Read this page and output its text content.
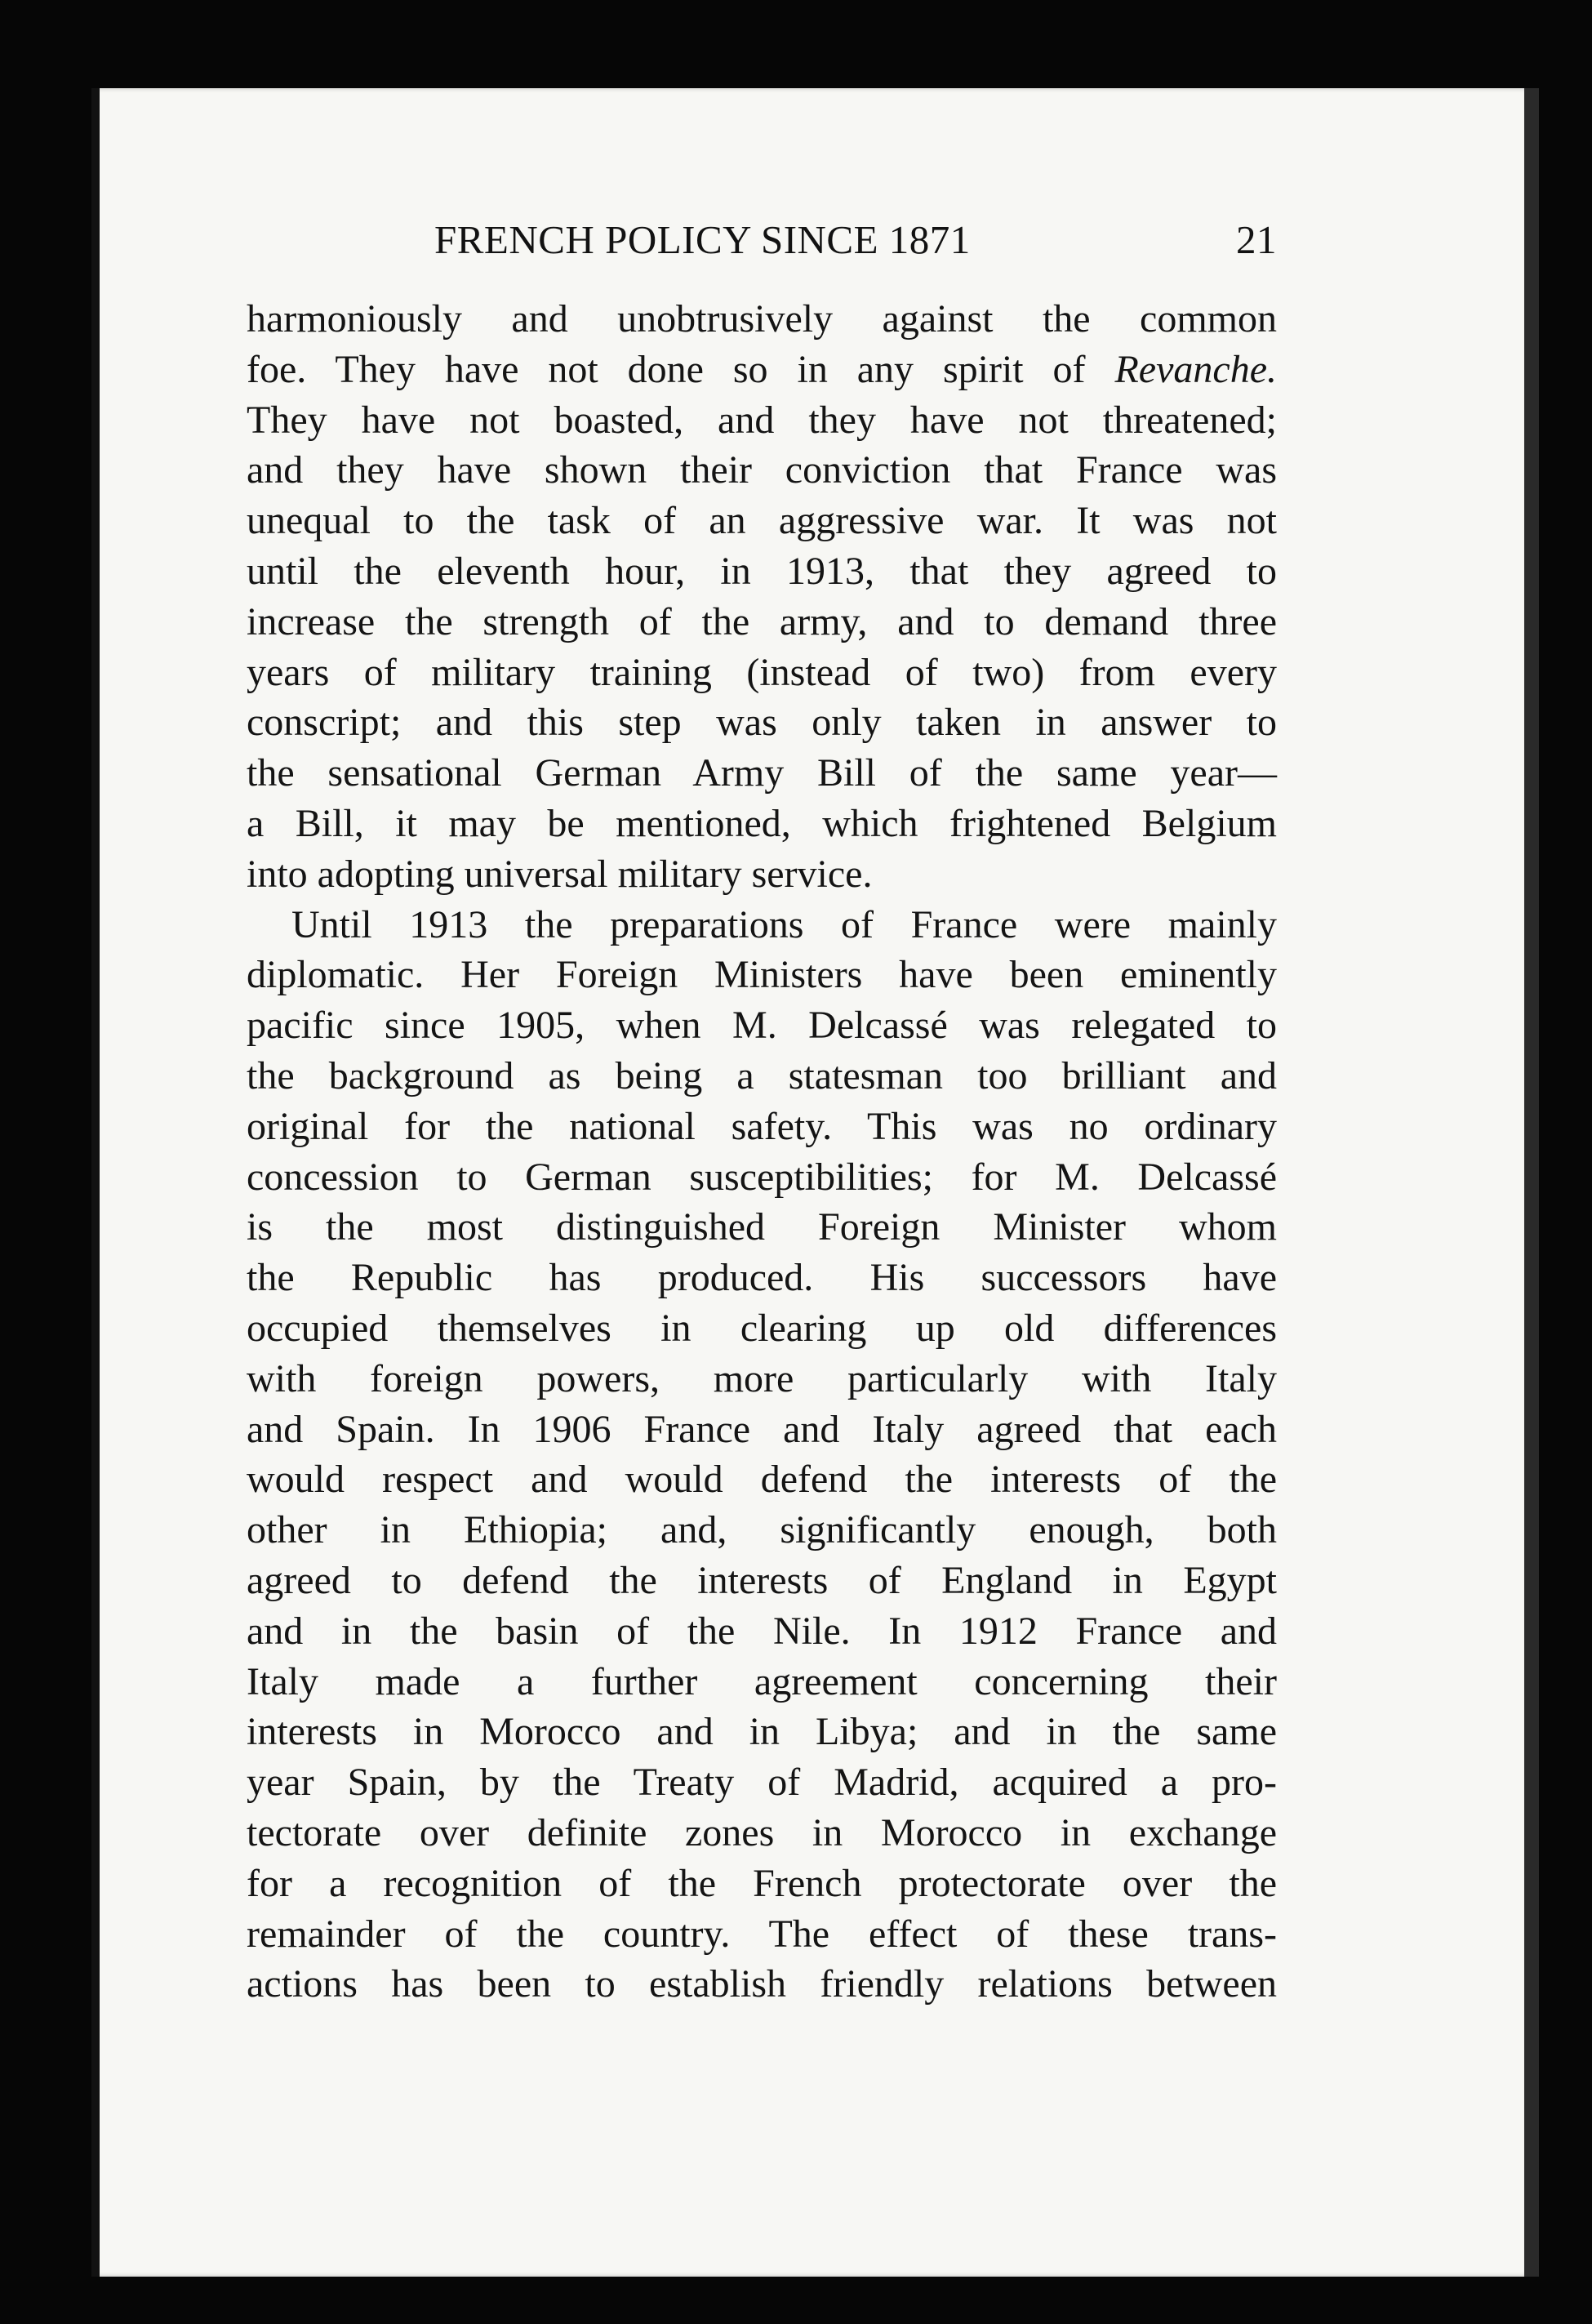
FRENCH POLICY SINCE 1871	21
harmoniously and unobtrusively against the common
foe. They have not done so in any spirit of Revanche.
They have not boasted, and they have not threatened;
and they have shown their conviction that France was
unequal to the task of an aggressive war. It was not
until the eleventh hour, in 1913, that they agreed to
increase the strength of the army, and to demand three
years of military training (instead of two) from every
conscript; and this step was only taken in answer to
the sensational German Army Bill of the same year—
a Bill, it may be mentioned, which frightened Belgium
into adopting universal military service.
Until 1913 the preparations of France were mainly
diplomatic. Her Foreign Ministers have been eminently
pacific since 1905, when M. Delcassé was relegated to
the background as being a statesman too brilliant and
original for the national safety. This was no ordinary
concession to German susceptibilities; for M. Delcassé
is the most distinguished Foreign Minister whom
the Republic has produced. His successors have
occupied themselves in clearing up old differences
with foreign powers, more particularly with Italy
and Spain. In 1906 France and Italy agreed that each
would respect and would defend the interests of the
other in Ethiopia; and, significantly enough, both
agreed to defend the interests of England in Egypt
and in the basin of the Nile. In 1912 France and
Italy made a further agreement concerning their
interests in Morocco and in Libya; and in the same
year Spain, by the Treaty of Madrid, acquired a pro-
tectorate over definite zones in Morocco in exchange
for a recognition of the French protectorate over the
remainder of the country. The effect of these trans-
actions has been to establish friendly relations between
